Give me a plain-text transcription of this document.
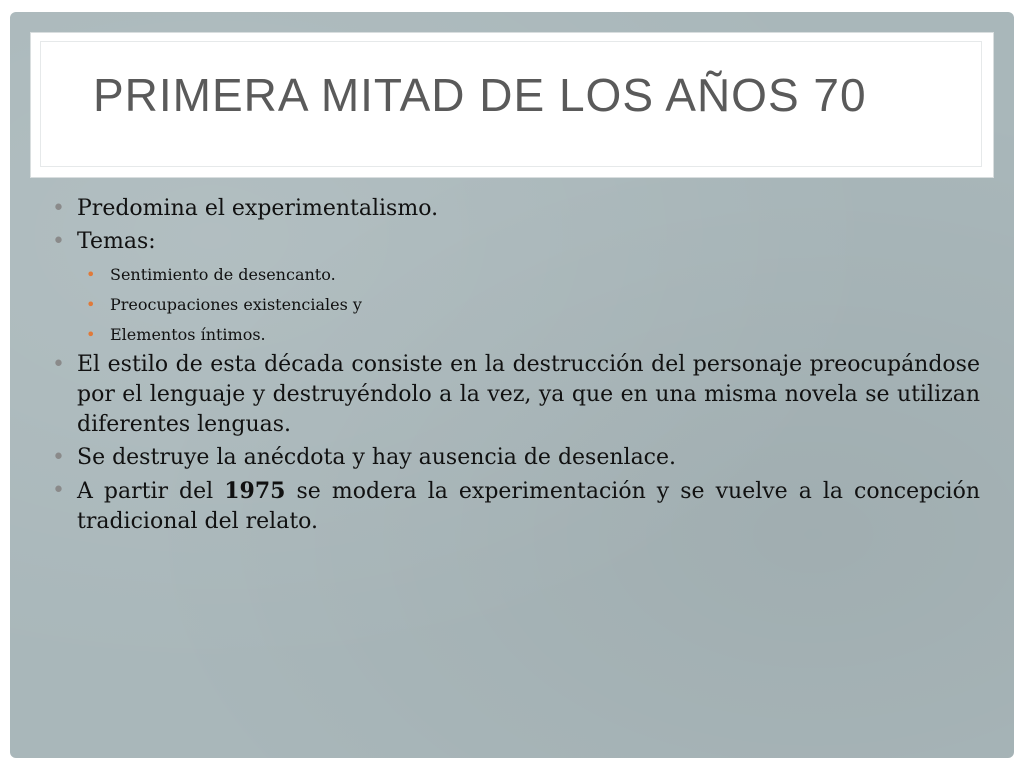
PRIMERA MITAD DE LOS AÑOS 70
• Predomina el experimentalismo.
• Temas:
• Sentimiento de desencanto.
• Preocupaciones existenciales y
• Elementos íntimos.
• El estilo de esta década consiste en la destrucción del personaje preocupándose por el lenguaje y destruyéndolo a la vez, ya que en una misma novela se utilizan diferentes lenguas.
• Se destruye la anécdota y hay ausencia de desenlace.
• A partir del 1975 se modera la experimentación y se vuelve a la concepción tradicional del relato.
